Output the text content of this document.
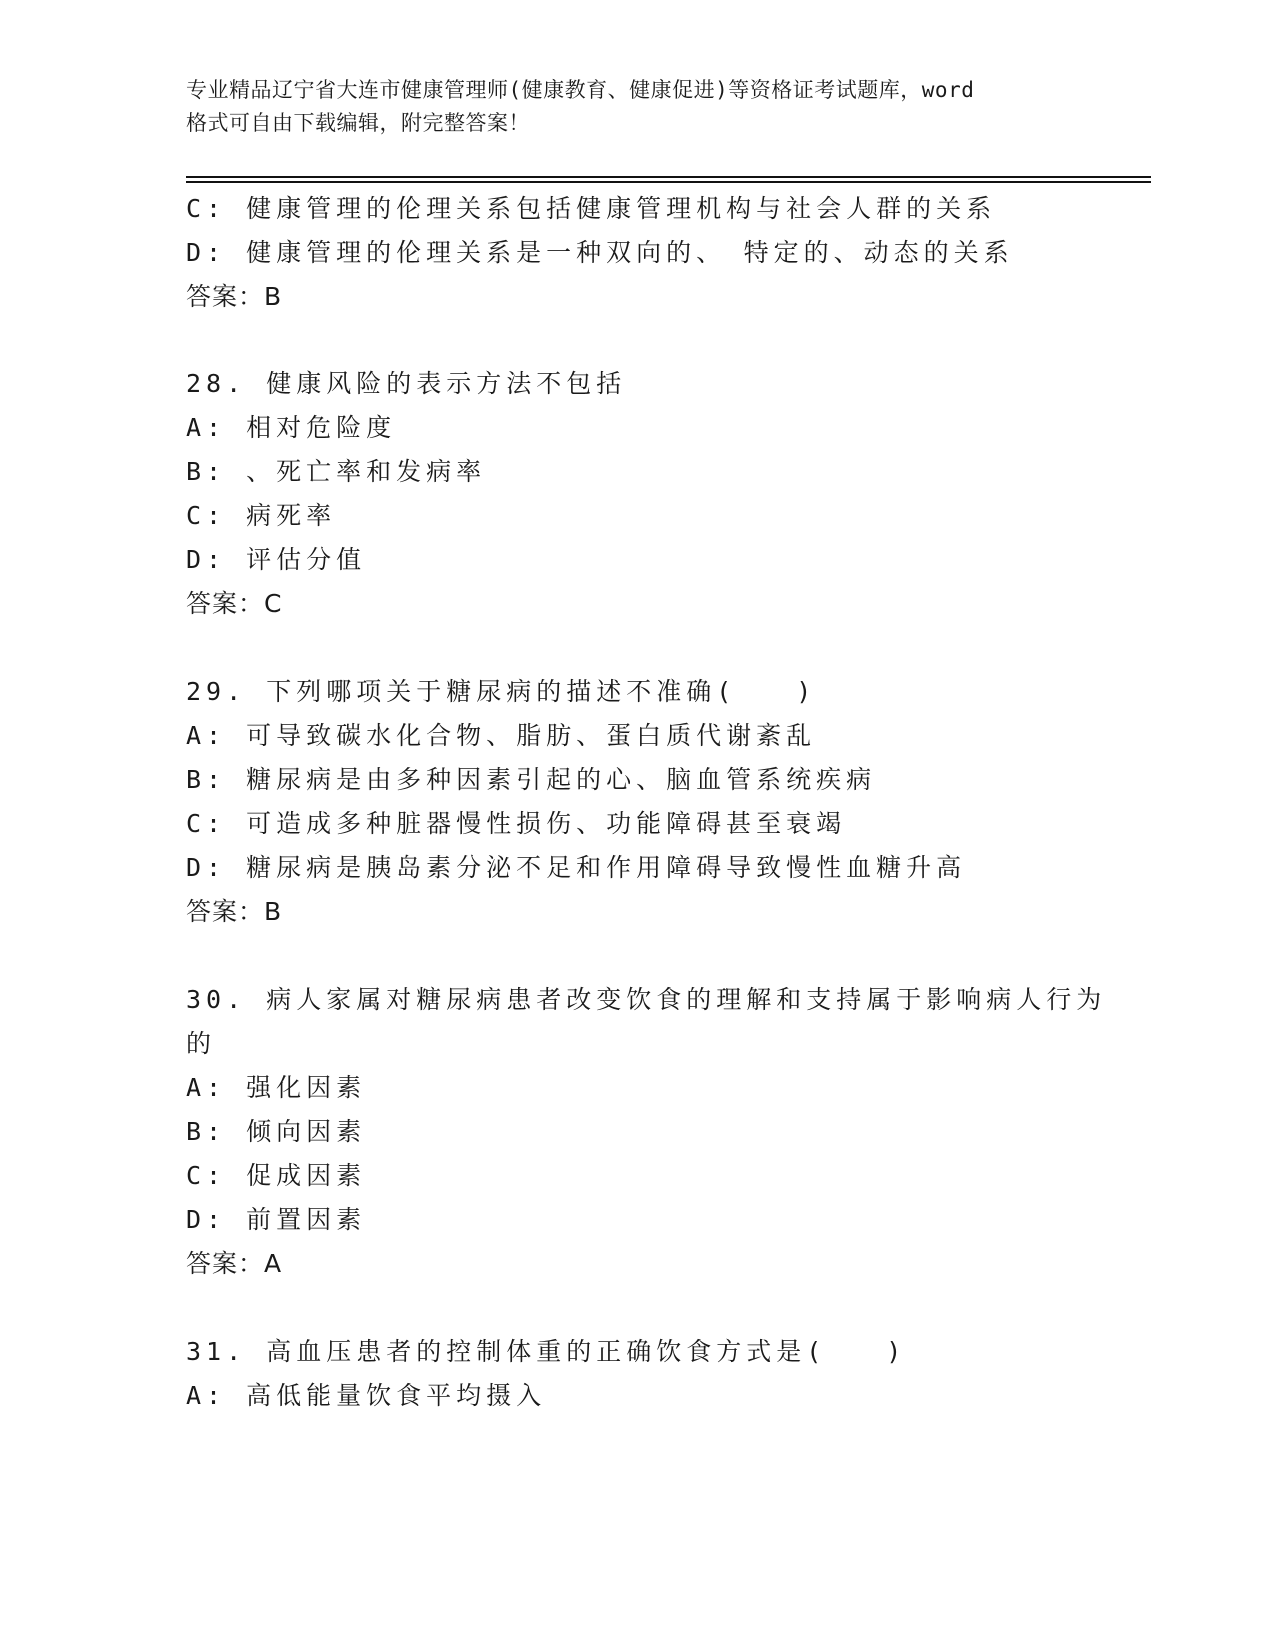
专业精品辽宁省大连市健康管理师(健康教育、健康促进)等资格证考试题库，word
格式可自由下载编辑，附完整答案！
C: 健康管理的伦理关系包括健康管理机构与社会人群的关系
D: 健康管理的伦理关系是一种双向的、　特定的、动态的关系
答案：B
28. 健康风险的表示方法不包括
A: 相对危险度
B: 、死亡率和发病率
C: 病死率
D: 评估分值
答案：C
29. 下列哪项关于糖尿病的描述不准确(　　)
A: 可导致碳水化合物、脂肪、蛋白质代谢紊乱
B: 糖尿病是由多种因素引起的心、脑血管系统疾病
C: 可造成多种脏器慢性损伤、功能障碍甚至衰竭
D: 糖尿病是胰岛素分泌不足和作用障碍导致慢性血糖升高
答案：B
30. 病人家属对糖尿病患者改变饮食的理解和支持属于影响病人行为
的
A: 强化因素
B: 倾向因素
C: 促成因素
D: 前置因素
答案：A
31. 高血压患者的控制体重的正确饮食方式是(　　)
A: 高低能量饮食平均摄入
